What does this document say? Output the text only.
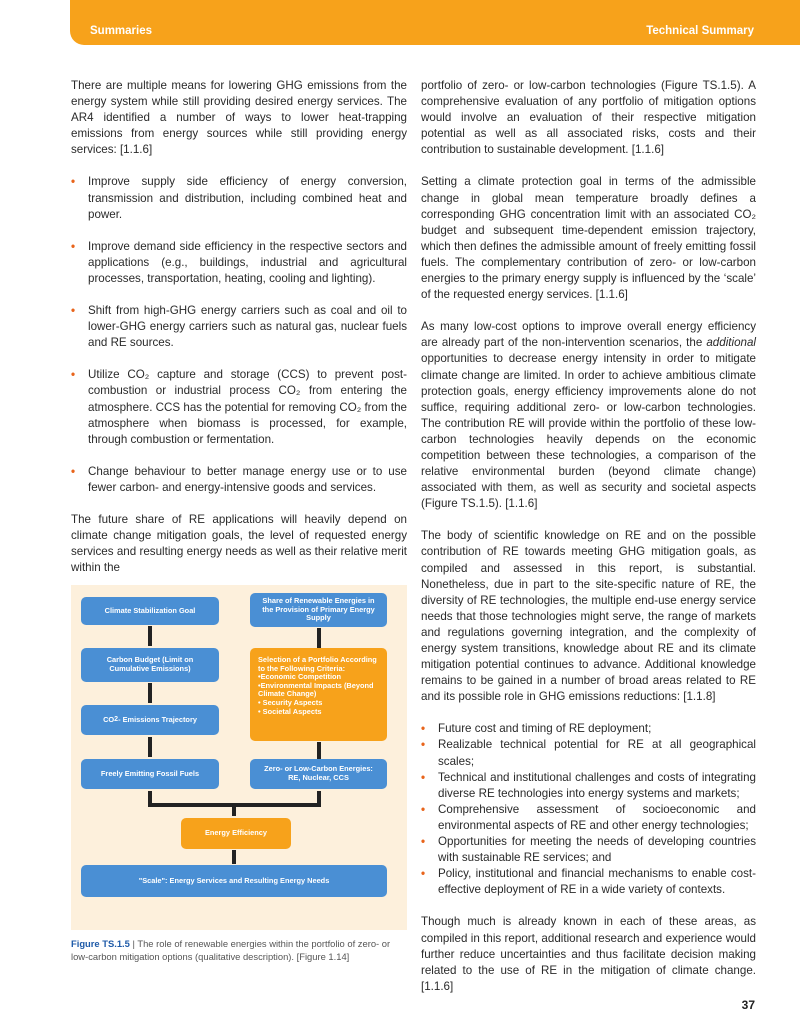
Summaries	Technical Summary

There are multiple means for lowering GHG emissions from the energy system while still providing desired energy services. The AR4 identified a number of ways to lower heat-trapping emissions from energy sources while still providing energy services: [1.1.6]

• Improve supply side efficiency of energy conversion, transmission and distribution, including combined heat and power.
• Improve demand side efficiency in the respective sectors and applications (e.g., buildings, industrial and agricultural processes, transportation, heating, cooling and lighting).
• Shift from high-GHG energy carriers such as coal and oil to lower-GHG energy carriers such as natural gas, nuclear fuels and RE sources.
• Utilize CO₂ capture and storage (CCS) to prevent post-combustion or industrial process CO₂ from entering the atmosphere. CCS has the potential for removing CO₂ from the atmosphere when biomass is processed, for example, through combustion or fermentation.
• Change behaviour to better manage energy use or to use fewer carbon- and energy-intensive goods and services.

The future share of RE applications will heavily depend on climate change mitigation goals, the level of requested energy services and resulting energy needs as well as their relative merit within the

Climate Stabilization Goal
Share of Renewable Energies in the Provision of Primary Energy Supply
Carbon Budget (Limit on Cumulative Emissions)
Selection of a Portfolio According to the Following Criteria:
•Economic Competition
•Environmental Impacts (Beyond Climate Change)
• Security Aspects
• Societal Aspects
CO 2 - Emissions Trajectory
Freely Emitting Fossil Fuels	Zero- or Low-Carbon Energies: RE, Nuclear, CCS
Energy Efficiency
"Scale": Energy Services and Resulting Energy Needs
Figure TS.1.5 | The role of renewable energies within the portfolio of zero- or low-carbon mitigation options (qualitative description). [Figure 1.14]

portfolio of zero- or low-carbon technologies (Figure TS.1.5). A comprehensive evaluation of any portfolio of mitigation options would involve an evaluation of their respective mitigation potential as well as all associated risks, costs and their contribution to sustainable development. [1.1.6]

Setting a climate protection goal in terms of the admissible change in global mean temperature broadly defines a corresponding GHG concentration limit with an associated CO₂ budget and subsequent time-dependent emission trajectory, which then defines the admissible amount of freely emitting fossil fuels. The complementary contribution of zero- or low-carbon energies to the primary energy supply is influenced by the ‘scale’ of the requested energy services. [1.1.6]

As many low-cost options to improve overall energy efficiency are already part of the non-intervention scenarios, the additional opportunities to decrease energy intensity in order to mitigate climate change are limited. In order to achieve ambitious climate protection goals, energy efficiency improvements alone do not suffice, requiring additional zero- or low-carbon technologies. The contribution RE will provide within the portfolio of these low-carbon technologies heavily depends on the economic competition between these technologies, a comparison of the relative environmental burden (beyond climate change) associated with them, as well as security and societal aspects (Figure TS.1.5). [1.1.6]

The body of scientific knowledge on RE and on the possible contribution of RE towards meeting GHG mitigation goals, as compiled and assessed in this report, is substantial. Nonetheless, due in part to the site-specific nature of RE, the diversity of RE technologies, the multiple end-use energy service needs that those technologies might serve, the range of markets and regulations governing integration, and the complexity of energy system transitions, knowledge about RE and its climate mitigation potential continues to advance. Additional knowledge remains to be gained in a number of broad areas related to RE and its possible role in GHG emissions reductions: [1.1.8]

• Future cost and timing of RE deployment;
• Realizable technical potential for RE at all geographical scales;
• Technical and institutional challenges and costs of integrating diverse RE technologies into energy systems and markets;
• Comprehensive assessment of socioeconomic and environmental aspects of RE and other energy technologies;
• Opportunities for meeting the needs of developing countries with sustainable RE services; and
• Policy, institutional and financial mechanisms to enable cost-effective deployment of RE in a wide variety of contexts.

Though much is already known in each of these areas, as compiled in this report, additional research and experience would further reduce uncertainties and thus facilitate decision making related to the use of RE in the mitigation of climate change. [1.1.6]

37
